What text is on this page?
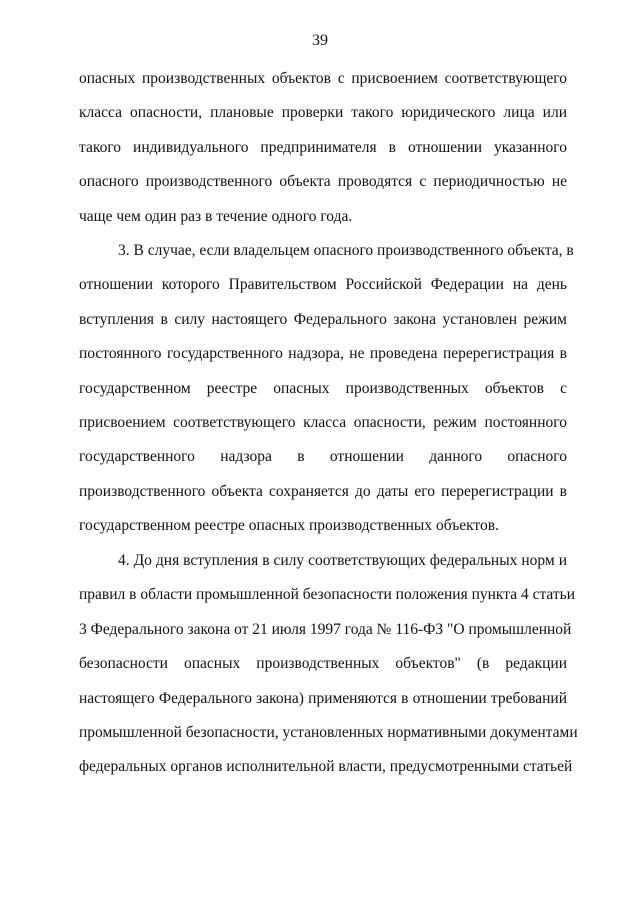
39
опасных производственных объектов с присвоением соответствующего
класса опасности, плановые проверки такого юридического лица или
такого индивидуального предпринимателя в отношении указанного
опасного производственного объекта проводятся с периодичностью не
чаще чем один раз в течение одного года.
3. В случае, если владельцем опасного производственного объекта, в
отношении которого Правительством Российской Федерации на день
вступления в силу настоящего Федерального закона установлен режим
постоянного государственного надзора, не проведена перерегистрация в
государственном реестре опасных производственных объектов с
присвоением соответствующего класса опасности, режим постоянного
государственного надзора в отношении данного опасного
производственного объекта сохраняется до даты его перерегистрации в
государственном реестре опасных производственных объектов.
4. До дня вступления в силу соответствующих федеральных норм и
правил в области промышленной безопасности положения пункта 4 статьи
3 Федерального закона от 21 июля 1997 года № 116-ФЗ "О промышленной
безопасности опасных производственных объектов" (в редакции
настоящего Федерального закона) применяются в отношении требований
промышленной безопасности, установленных нормативными документами
федеральных органов исполнительной власти, предусмотренными статьей
